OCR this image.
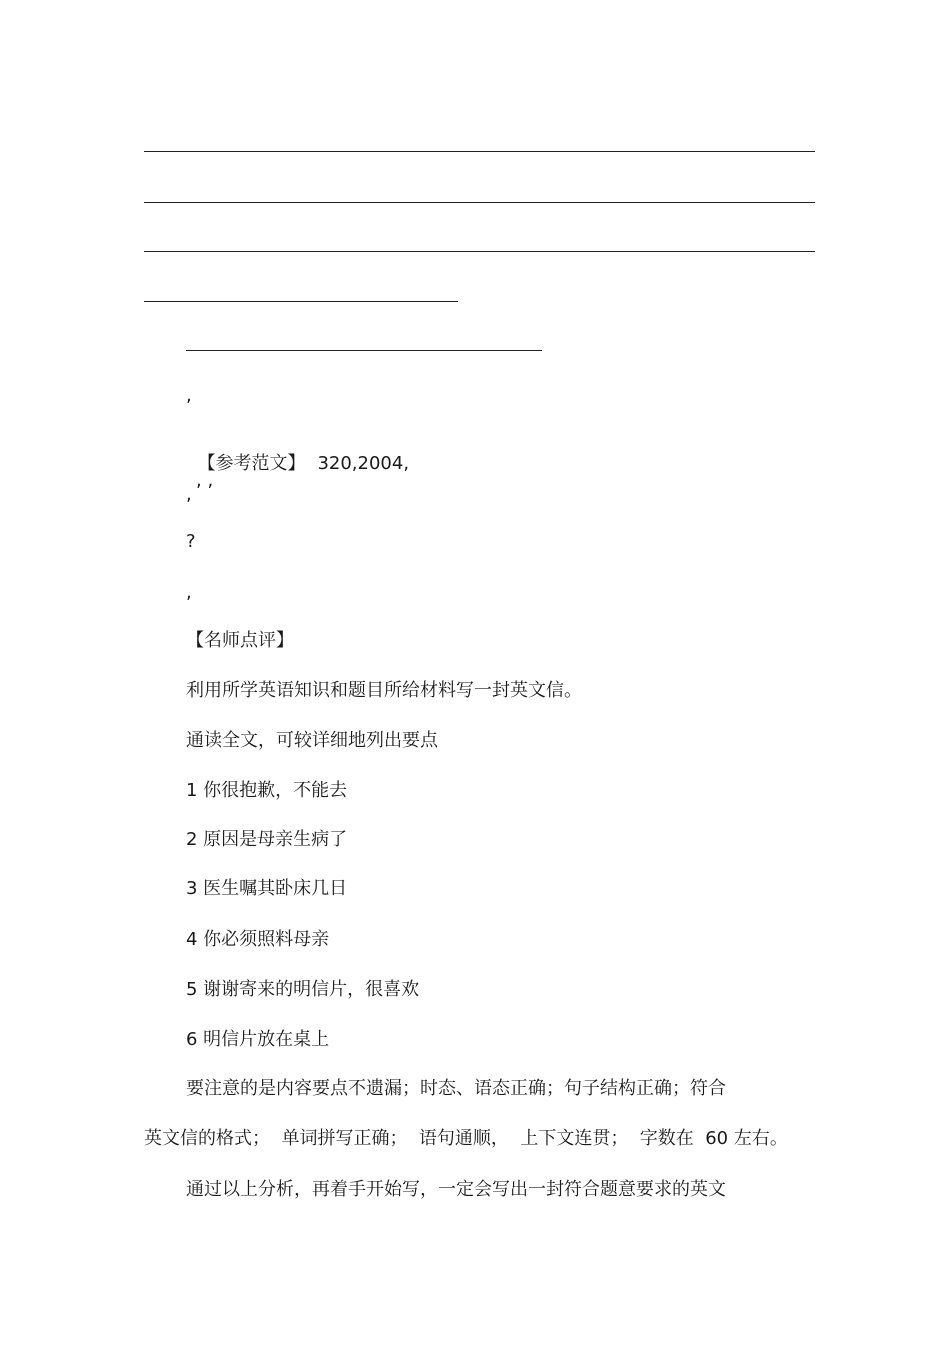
,

【参考范文】 320,2004,

, ,
,
?
,
【名师点评】
利用所学英语知识和题目所给材料写一封英文信。
通读全文，可较详细地列出要点
1 你很抱歉，不能去
2 原因是母亲生病了
3 医生嘱其卧床几日
4 你必须照料母亲
5 谢谢寄来的明信片，很喜欢
6 明信片放在桌上
要注意的是内容要点不遗漏；时态、语态正确；句子结构正确；符合
英文信的格式；  单词拼写正确；  语句通顺，  上下文连贯；  字数在  60 左右。
通过以上分析，再着手开始写，一定会写出一封符合题意要求的英文
